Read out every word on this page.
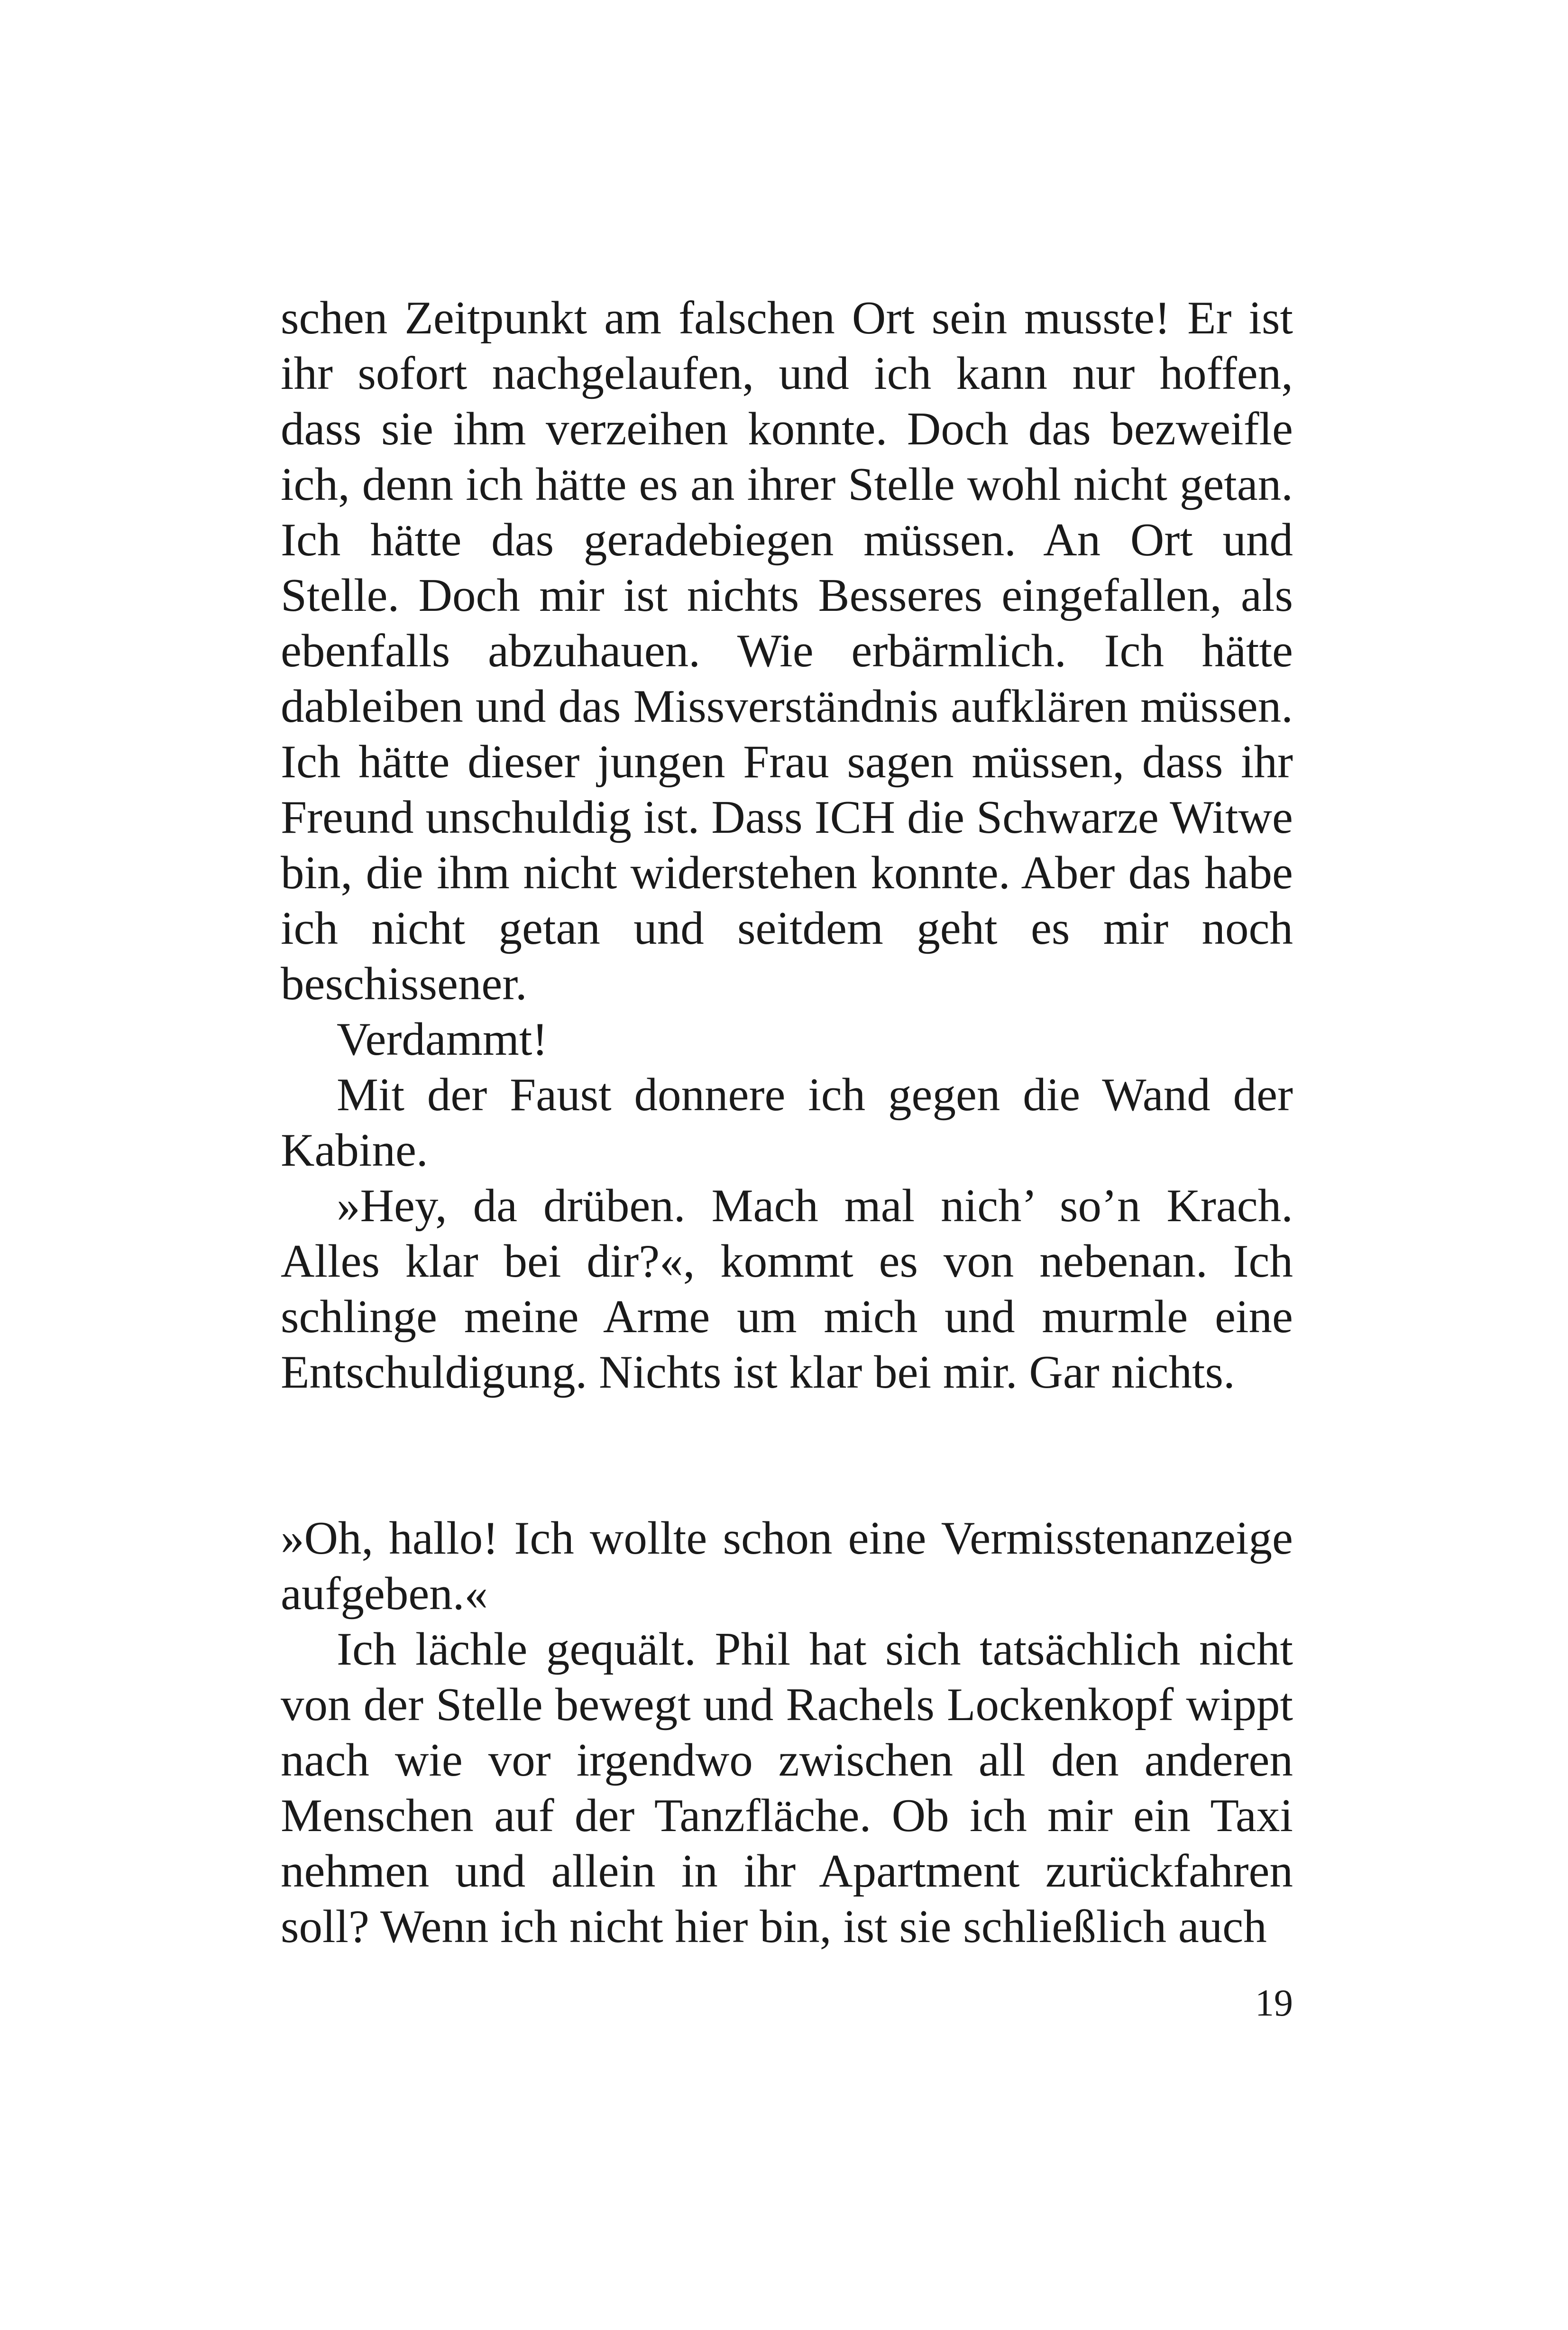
schen Zeitpunkt am falschen Ort sein musste! Er ist ihr sofort nachgelaufen, und ich kann nur hoffen, dass sie ihm verzeihen konnte. Doch das bezweifle ich, denn ich hätte es an ihrer Stelle wohl nicht getan. Ich hätte das geradebiegen müssen. An Ort und Stelle. Doch mir ist nichts Besseres eingefallen, als ebenfalls abzuhauen. Wie erbärmlich. Ich hätte dableiben und das Missverständnis aufklären müssen. Ich hätte dieser jungen Frau sagen müssen, dass ihr Freund unschuldig ist. Dass ICH die Schwarze Witwe bin, die ihm nicht widerstehen konnte. Aber das habe ich nicht getan und seitdem geht es mir noch beschissener.

Verdammt!

Mit der Faust donnere ich gegen die Wand der Kabine.

»Hey, da drüben. Mach mal nich’ so’n Krach. Alles klar bei dir?«, kommt es von nebenan. Ich schlinge meine Arme um mich und murmle eine Entschuldigung. Nichts ist klar bei mir. Gar nichts.

»Oh, hallo! Ich wollte schon eine Vermisstenanzeige aufgeben.«

Ich lächle gequält. Phil hat sich tatsächlich nicht von der Stelle bewegt und Rachels Lockenkopf wippt nach wie vor irgendwo zwischen all den anderen Menschen auf der Tanzfläche. Ob ich mir ein Taxi nehmen und allein in ihr Apartment zurückfahren soll? Wenn ich nicht hier bin, ist sie schließlich auch

19
